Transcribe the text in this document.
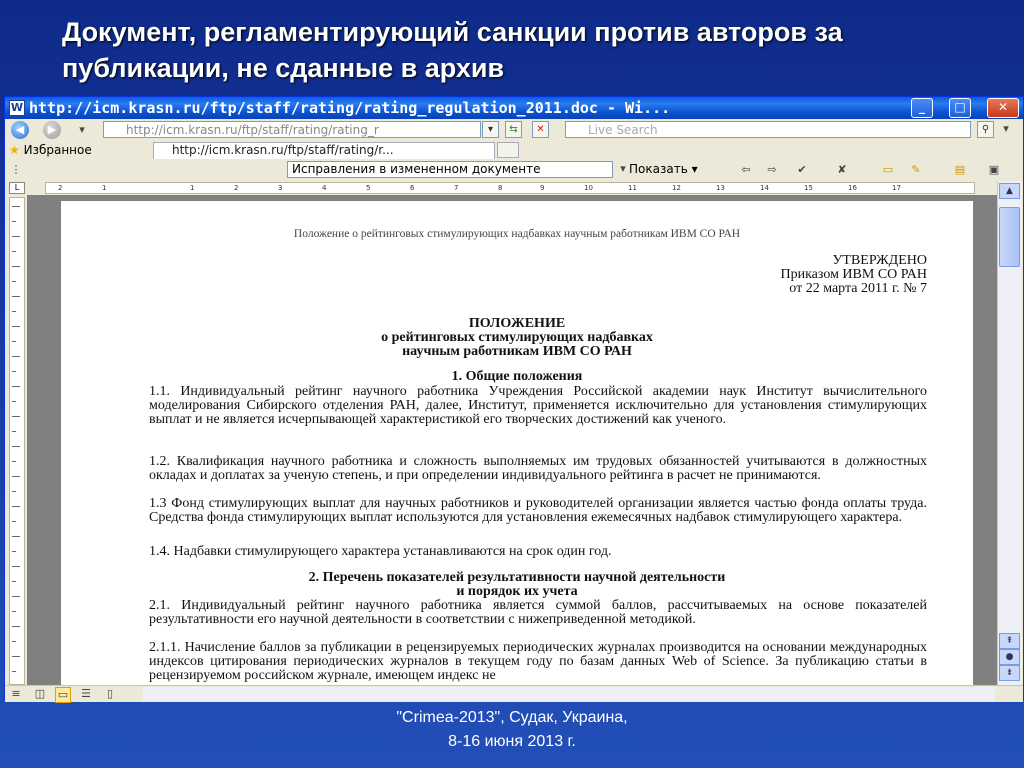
Документ, регламентирующий санкции против авторов за публикации, не сданные в архив
W http://icm.krasn.ru/ftp/staff/rating/rating_regulation_2011.doc - Wi...	_	□	✕
◀	▶	▾	http://icm.krasn.ru/ftp/staff/rating/rating_r	▾	⇆	✕	Live Search	⚲	▾
★ Избранное	http://icm.krasn.ru/ftp/staff/rating/r...
⋮	Исправления в измененном документе	▾ Показать ▾	⇦ ⇨ ✔	✘	▭ ✎	▤ ▣
L	2	1	1	2	3	4	5	6	7	8	9	10	11	12	13	14	15	16	17
Положение о рейтинговых стимулирующих надбавках научным работникам ИВМ СО РАН
УТВЕРЖДЕНО
Приказом ИВМ СО РАН
от 22 марта 2011 г. № 7
ПОЛОЖЕНИЕ
о рейтинговых стимулирующих надбавках
научным работникам ИВМ СО РАН
1. Общие положения
1.1. Индивидуальный рейтинг научного работника Учреждения Российской академии наук Институт вычислительного моделирования Сибирского отделения РАН, далее, Институт, применяется исключительно для установления стимулирующих выплат и не является исчерпывающей характеристикой его творческих достижений как ученого.
1.2. Квалификация научного работника и сложность выполняемых им трудовых обязанностей учитываются в должностных окладах и доплатах за ученую степень, и при определении индивидуального рейтинга в расчет не принимаются.
1.3 Фонд стимулирующих выплат для научных работников и руководителей организации является частью фонда оплаты труда. Средства фонда стимулирующих выплат используются для установления ежемесячных надбавок стимулирующего характера.
1.4. Надбавки стимулирующего характера устанавливаются на срок один год.
2. Перечень показателей результативности научной деятельности
и порядок их учета
2.1. Индивидуальный рейтинг научного работника является суммой баллов, рассчитываемых на основе показателей результативности его научной деятельности в соответствии с нижеприведенной методикой.
2.1.1. Начисление баллов за публикации в рецензируемых периодических журналах производится на основании международных индексов цитирования периодических журналов в текущем году по базам данных Web of Science. За публикацию статьи в рецензируемом российском журнале, имеющем индекс не
▲
⇞
●
⇟
≡ ◫ ▭ ☰	▯
"Crimea-2013", Судак, Украина,
8-16 июня 2013 г.
